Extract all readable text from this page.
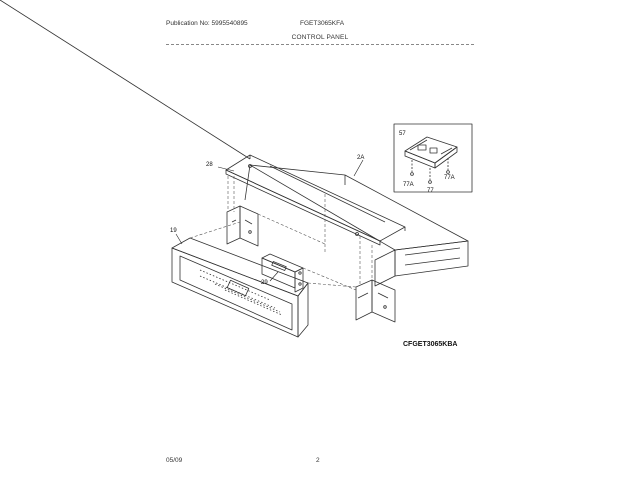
Publication No: 5995540895	FGET3065KFA
CONTROL PANEL
57
28
2A
19
29
77A
77
77A
CFGET3065KBA
05/09	2
